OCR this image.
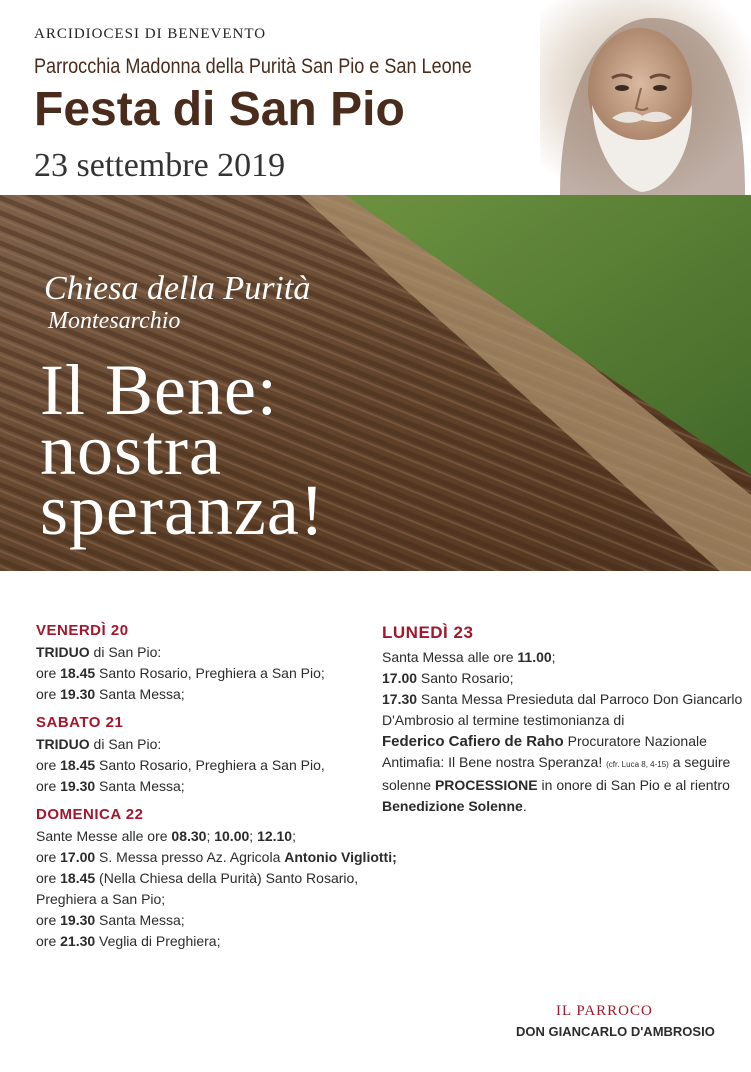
ARCIDIOCESI DI BENEVENTO
Parrocchia Madonna della Purità San Pio e San Leone
Festa di San Pio
23 settembre 2019
Chiesa della Purità
Montesarchio
Il Bene:
nostra
speranza!
VENERDÌ 20
TRIDUO di San Pio:
ore 18.45 Santo Rosario, Preghiera a San Pio;
ore 19.30 Santa Messa;
SABATO 21
TRIDUO di San Pio:
ore 18.45 Santo Rosario, Preghiera a San Pio,
ore 19.30 Santa Messa;
DOMENICA 22
Sante Messe alle ore 08.30; 10.00; 12.10;
ore 17.00 S. Messa presso Az. Agricola Antonio Vigliotti;
ore 18.45 (Nella Chiesa della Purità) Santo Rosario,
Preghiera a San Pio;
ore 19.30 Santa Messa;
ore 21.30 Veglia di Preghiera;
LUNEDÌ 23
Santa Messa alle ore 11.00;
17.00 Santo Rosario;
17.30 Santa Messa Presieduta dal Parroco Don Giancarlo
D'Ambrosio al termine testimonianza di
Federico Cafiero de Raho Procuratore Nazionale
Antimafia: Il Bene nostra Speranza! (cfr. Luca 8, 4-15) a seguire
solenne PROCESSIONE in onore di San Pio e al rientro
Benedizione Solenne.
IL PARROCO
DON GIANCARLO D'AMBROSIO
